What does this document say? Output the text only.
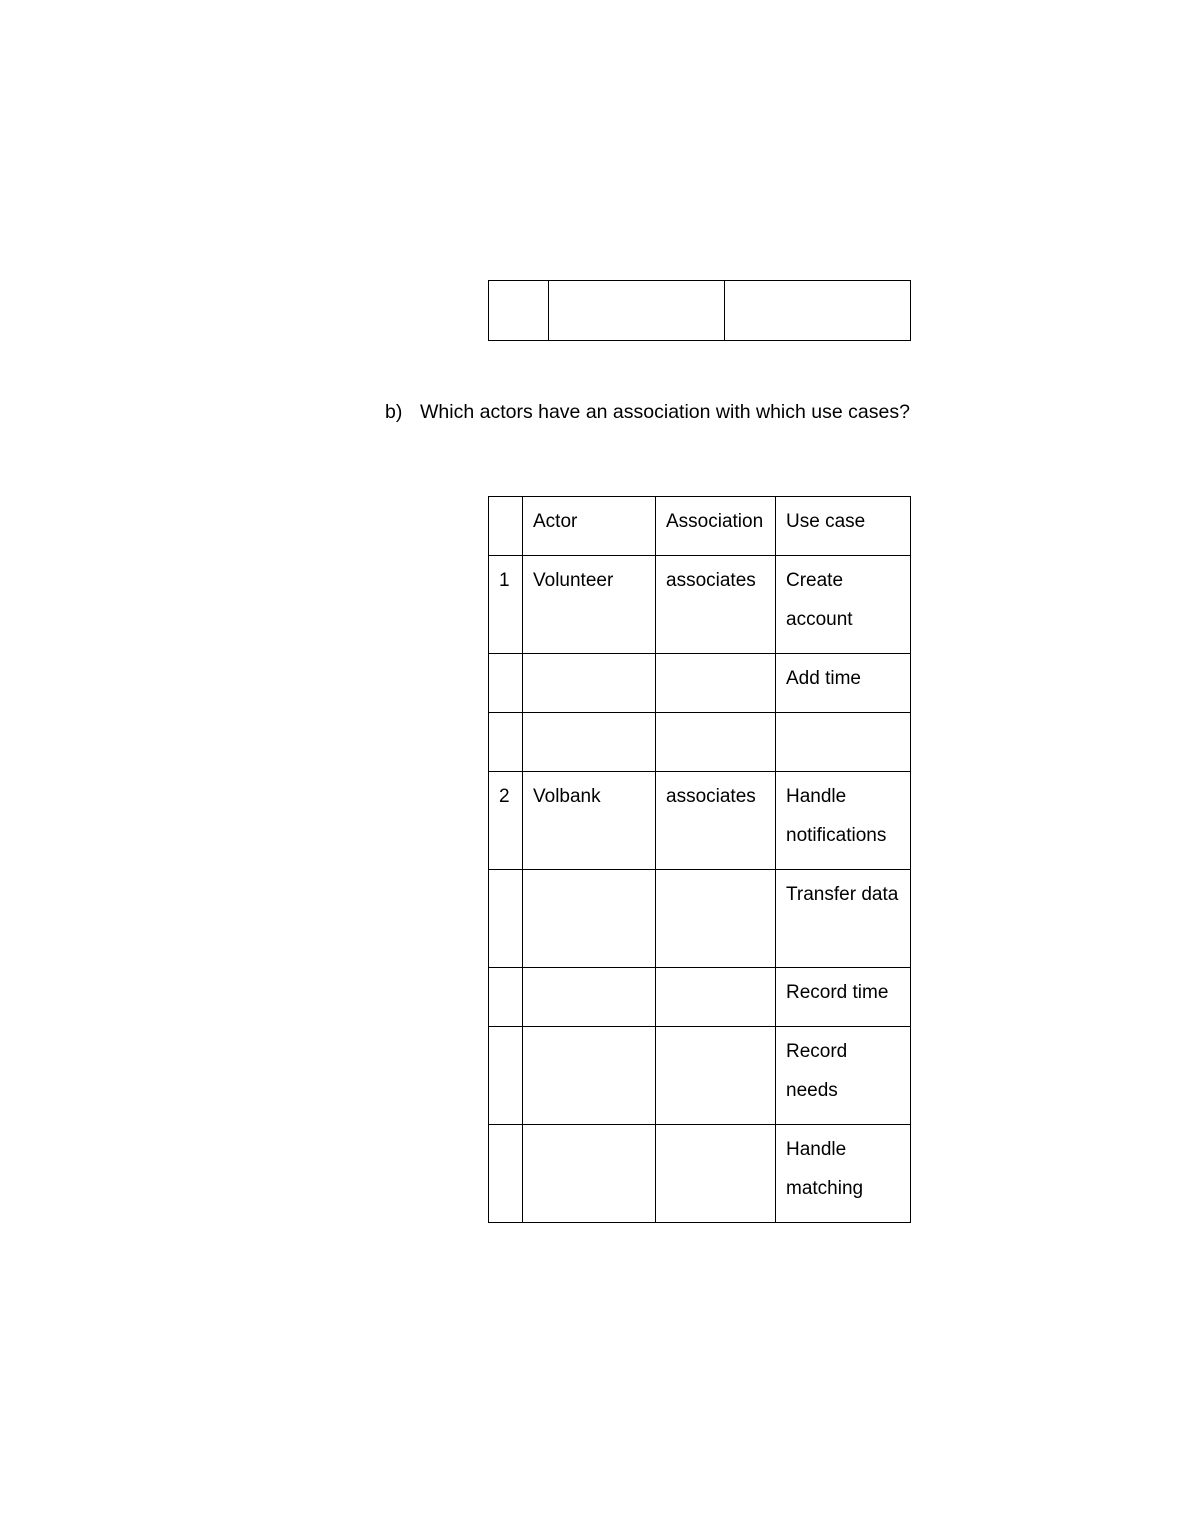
b) Which actors have an association with which use cases?

	Actor	Association	Use case

1	Volunteer	associates	Create account

			Add time

2	Volbank	associates	Handle notifications

			Transfer data

			Record time

			Record needs

			Handle matching
